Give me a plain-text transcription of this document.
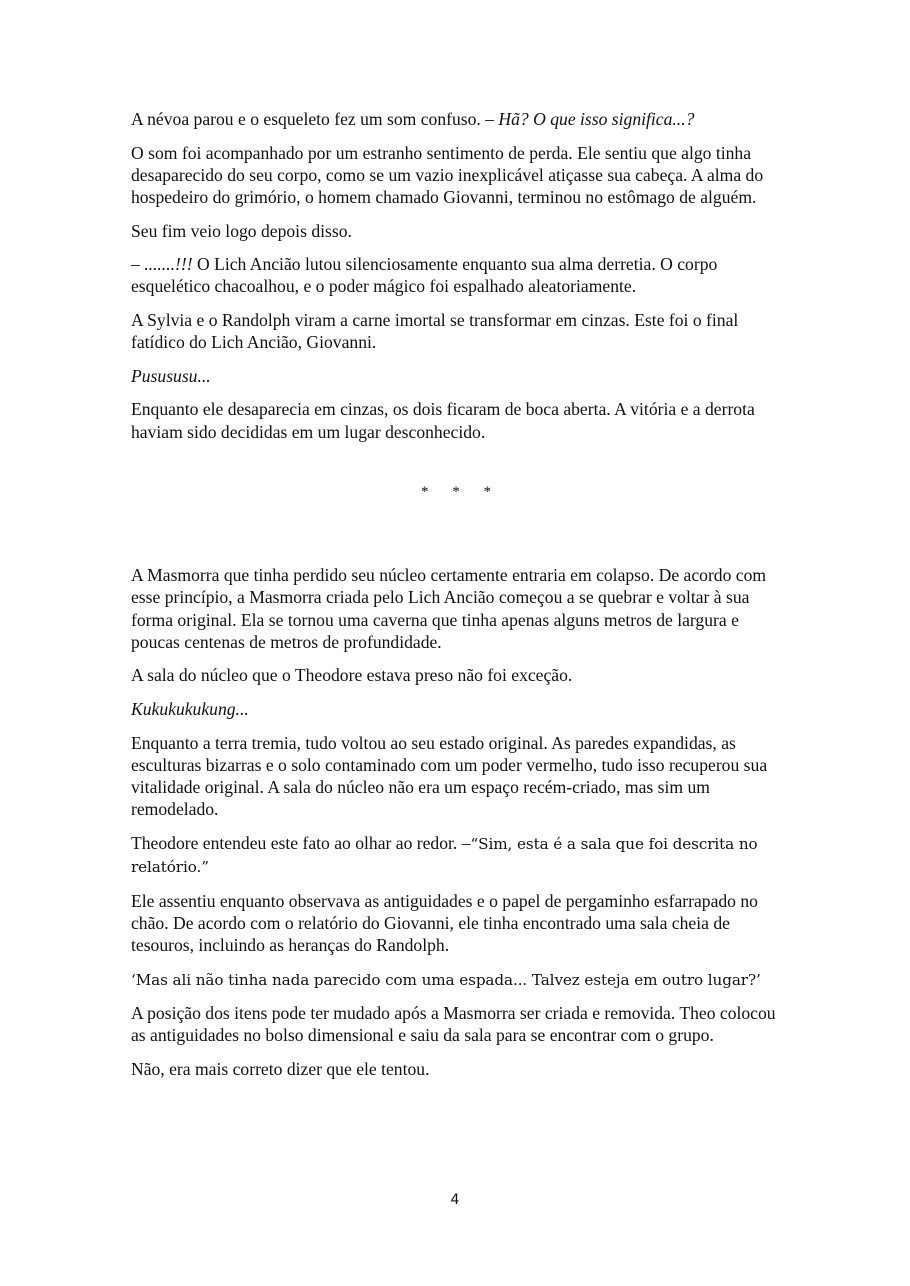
A névoa parou e o esqueleto fez um som confuso. – Hã? O que isso significa...?

O som foi acompanhado por um estranho sentimento de perda. Ele sentiu que algo tinha desaparecido do seu corpo, como se um vazio inexplicável atiçasse sua cabeça. A alma do hospedeiro do grimório, o homem chamado Giovanni, terminou no estômago de alguém.

Seu fim veio logo depois disso.

– .......!!! O Lich Ancião lutou silenciosamente enquanto sua alma derretia. O corpo esquelético chacoalhou, e o poder mágico foi espalhado aleatoriamente.

A Sylvia e o Randolph viram a carne imortal se transformar em cinzas. Este foi o final fatídico do Lich Ancião, Giovanni.

Pusususu...

Enquanto ele desaparecia em cinzas, os dois ficaram de boca aberta. A vitória e a derrota haviam sido decididas em um lugar desconhecido.

* * *

A Masmorra que tinha perdido seu núcleo certamente entraria em colapso. De acordo com esse princípio, a Masmorra criada pelo Lich Ancião começou a se quebrar e voltar à sua forma original. Ela se tornou uma caverna que tinha apenas alguns metros de largura e poucas centenas de metros de profundidade.

A sala do núcleo que o Theodore estava preso não foi exceção.

Kukukukukung...

Enquanto a terra tremia, tudo voltou ao seu estado original. As paredes expandidas, as esculturas bizarras e o solo contaminado com um poder vermelho, tudo isso recuperou sua vitalidade original. A sala do núcleo não era um espaço recém-criado, mas sim um remodelado.

Theodore entendeu este fato ao olhar ao redor. –“Sim, esta é a sala que foi descrita no relatório.”

Ele assentiu enquanto observava as antiguidades e o papel de pergaminho esfarrapado no chão. De acordo com o relatório do Giovanni, ele tinha encontrado uma sala cheia de tesouros, incluindo as heranças do Randolph.

‘Mas ali não tinha nada parecido com uma espada... Talvez esteja em outro lugar?’

A posição dos itens pode ter mudado após a Masmorra ser criada e removida. Theo colocou as antiguidades no bolso dimensional e saiu da sala para se encontrar com o grupo.

Não, era mais correto dizer que ele tentou.

4
